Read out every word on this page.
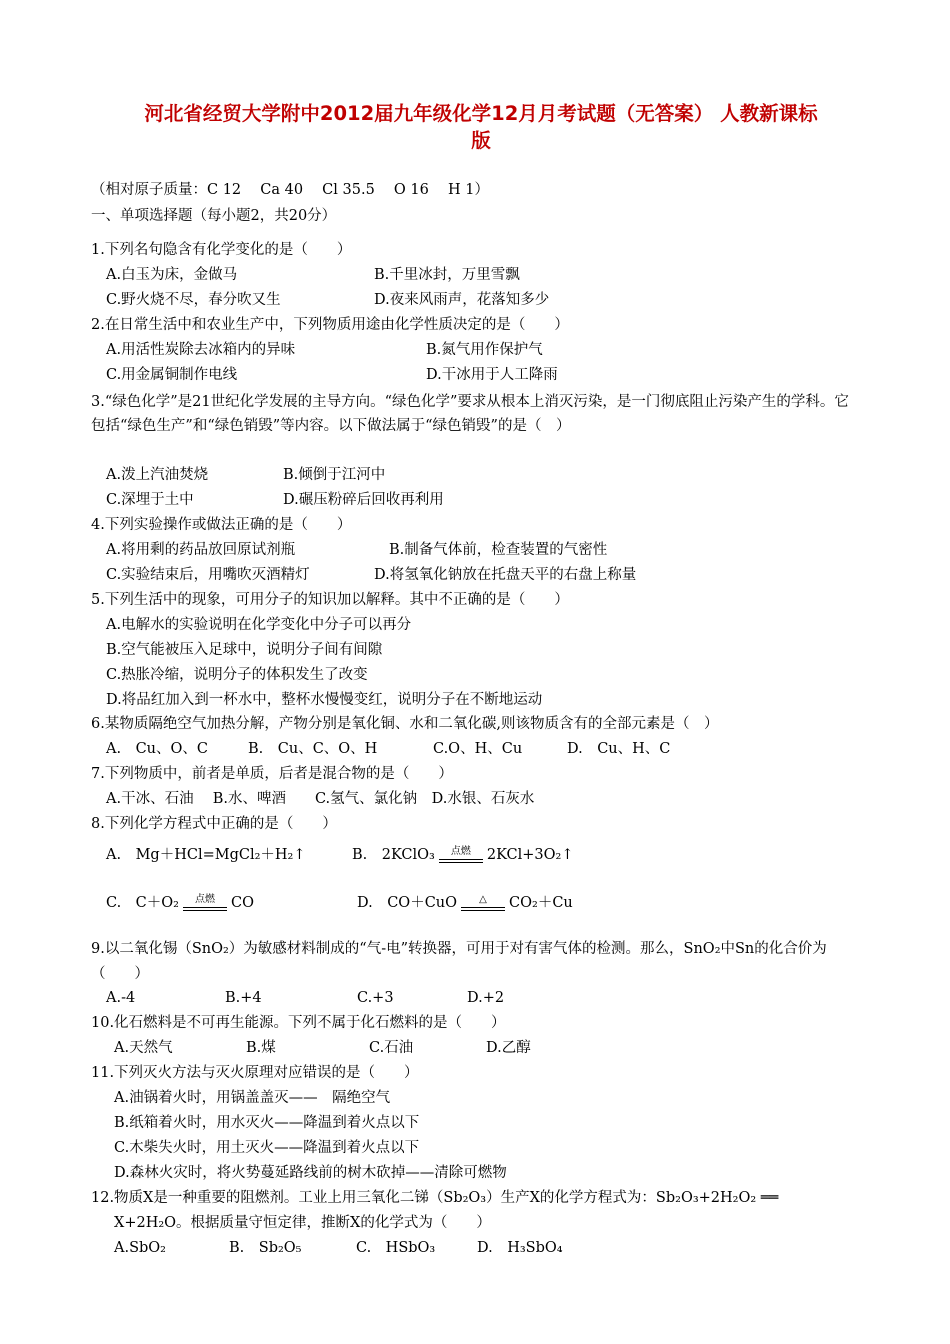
河北省经贸大学附中2012届九年级化学12月月考试题（无答案） 人教新课标
版
（相对原子质量：C 12　 Ca 40 　Cl 35.5 　O 16 　H 1）
一、单项选择题（每小题2，共20分）
1.下列名句隐含有化学变化的是（　　）
A.白玉为床，金做马	B.千里冰封，万里雪飘
C.野火烧不尽，春分吹又生	D.夜来风雨声，花落知多少
2.在日常生活中和农业生产中，下列物质用途由化学性质决定的是（　　）
A.用活性炭除去冰箱内的异味	B.氮气用作保护气
C.用金属铜制作电线	D.干冰用于人工降雨
3.“绿色化学”是21世纪化学发展的主导方向。“绿色化学”要求从根本上消灭污染，是一门彻底阻止污染产生的学科。它包括“绿色生产”和“绿色销毁”等内容。以下做法属于“绿色销毁”的是（　）
A.泼上汽油焚烧	B.倾倒于江河中
C.深埋于土中	D.碾压粉碎后回收再利用
4.下列实验操作或做法正确的是（　　）
A.将用剩的药品放回原试剂瓶	B.制备气体前，检查装置的气密性
C.实验结束后，用嘴吹灭酒精灯	D.将氢氧化钠放在托盘天平的右盘上称量
5.下列生活中的现象，可用分子的知识加以解释。其中不正确的是（　　）
A.电解水的实验说明在化学变化中分子可以再分
B.空气能被压入足球中，说明分子间有间隙
C.热胀冷缩，说明分子的体积发生了改变
D.将品红加入到一杯水中，整杯水慢慢变红，说明分子在不断地运动
6.某物质隔绝空气加热分解，产物分别是氧化铜、水和二氧化碳,则该物质含有的全部元素是（　）
A.　Cu、O、C	B.　Cu、C、O、H	C.O、H、Cu	D.　Cu、H、C
7.下列物质中，前者是单质，后者是混合物的是（　　）
A.干冰、石油　 B.水、啤酒　　C.氢气、氯化钠　D.水银、石灰水
8.下列化学方程式中正确的是（　　）
A.　Mg＋HCl=MgCl₂＋H₂↑	B.　2KClO₃	点燃	2KCl+3O₂↑
C.　C＋O₂	点燃	CO	D.　CO＋CuO	△	CO₂＋Cu
9.以二氧化锡（SnO₂）为敏感材料制成的“气-电”转换器，可用于对有害气体的检测。那么，SnO₂中Sn的化合价为（　　）
A.-4	B.+4	C.+3	D.+2
10.化石燃料是不可再生能源。下列不属于化石燃料的是（　　）
A.天然气	B.煤	C.石油	D.乙醇
11.下列灭火方法与灭火原理对应错误的是（　　）
A.油锅着火时，用锅盖盖灭——　隔绝空气
B.纸箱着火时，用水灭火——降温到着火点以下
C.木柴失火时，用土灭火——降温到着火点以下
D.森林火灾时，将火势蔓延路线前的树木砍掉——清除可燃物
12.物质X是一种重要的阻燃剂。工业上用三氧化二锑（Sb₂O₃）生产X的化学方程式为：Sb₂O₃+2H₂O₂ ══
X+2H₂O。根据质量守恒定律，推断X的化学式为（　　）
A.SbO₂	B.　Sb₂O₅	C.　HSbO₃	D.　H₃SbO₄
